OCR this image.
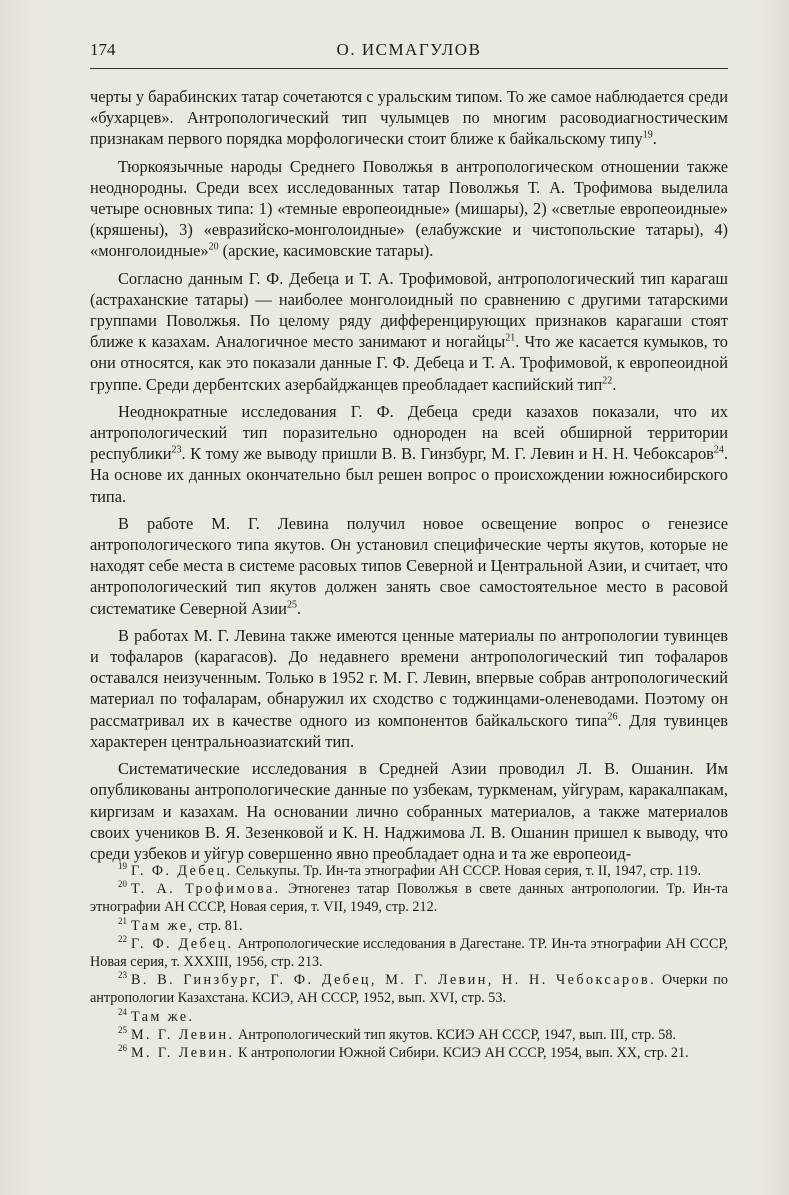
174	О. ИСМАГУЛОВ

черты у барабинских татар сочетаются с уральским типом. То же самое наблюдается среди «бухарцев». Антропологический тип чулымцев по многим расоводиагностическим признакам первого порядка морфологически стоит ближе к байкальскому типу$^{19}$.

Тюркоязычные народы Среднего Поволжья в антропологическом отношении также неоднородны. Среди всех исследованных татар Поволжья Т. А. Трофимова выделила четыре основных типа: 1) «темные европеоидные» (мишары), 2) «светлые европеоидные» (кряшены), 3) «евразийско-монголоидные» (елабужские и чистопольские татары), 4) «монголоидные»$^{20}$ (арские, касимовские татары).

Согласно данным Г. Ф. Дебеца и Т. А. Трофимовой, антропологический тип карагаш (астраханские татары) — наиболее монголоидный по сравнению с другими татарскими группами Поволжья. По целому ряду дифференцирующих признаков карагаши стоят ближе к казахам. Аналогичное место занимают и ногайцы$^{21}$. Что же касается кумыков, то они относятся, как это показали данные Г. Ф. Дебеца и Т. А. Трофимовой, к европеоидной группе. Среди дербентских азербайджанцев преобладает каспийский тип$^{22}$.

Неоднократные исследования Г. Ф. Дебеца среди казахов показали, что их антропологический тип поразительно однороден на всей обширной территории республики$^{23}$. К тому же выводу пришли В. В. Гинзбург, М. Г. Левин и Н. Н. Чебоксаров$^{24}$. На основе их данных окончательно был решен вопрос о происхождении южносибирского типа.

В работе М. Г. Левина получил новое освещение вопрос о генезисе антропологического типа якутов. Он установил специфические черты якутов, которые не находят себе места в системе расовых типов Северной и Центральной Азии, и считает, что антропологический тип якутов должен занять свое самостоятельное место в расовой систематике Северной Азии$^{25}$.

В работах М. Г. Левина также имеются ценные материалы по антропологии тувинцев и тофаларов (карагасов). До недавнего времени антропологический тип тофаларов оставался неизученным. Только в 1952 г. М. Г. Левин, впервые собрав антропологический материал по тофаларам, обнаружил их сходство с тоджинцами-оленеводами. Поэтому он рассматривал их в качестве одного из компонентов байкальского типа$^{26}$. Для тувинцев характерен центральноазиатский тип.

Систематические исследования в Средней Азии проводил Л. В. Ошанин. Им опубликованы антропологические данные по узбекам, туркменам, уйгурам, каракалпакам, киргизам и казахам. На основании лично собранных материалов, а также материалов своих учеников В. Я. Зезенковой и К. Н. Наджимова Л. В. Ошанин пришел к выводу, что среди узбеков и уйгур совершенно явно преобладает одна и та же европеоид-

$^{19}$ Г. Ф. Дебец. Селькупы. Тр. Ин-та этнографии АН СССР. Новая серия, т. II, 1947, стр. 119.
$^{20}$ Т. А. Трофимова. Этногенез татар Поволжья в свете данных антропологии. Тр. Ин-та этнографии АН СССР, Новая серия, т. VII, 1949, стр. 212.
$^{21}$ Там же, стр. 81.
$^{22}$ Г. Ф. Дебец. Антропологические исследования в Дагестане. ТР. Ин-та этнографии АН СССР, Новая серия, т. XXXIII, 1956, стр. 213.
$^{23}$ В. В. Гинзбург, Г. Ф. Дебец, М. Г. Левин, Н. Н. Чебоксаров. Очерки по антропологии Казахстана. КСИЭ, АН СССР, 1952, вып. XVI, стр. 53.
$^{24}$ Там же.
$^{25}$ М. Г. Левин. Антропологический тип якутов. КСИЭ АН СССР, 1947, вып. III, стр. 58.
$^{26}$ М. Г. Левин. К антропологии Южной Сибири. КСИЭ АН СССР, 1954, вып. XX, стр. 21.
